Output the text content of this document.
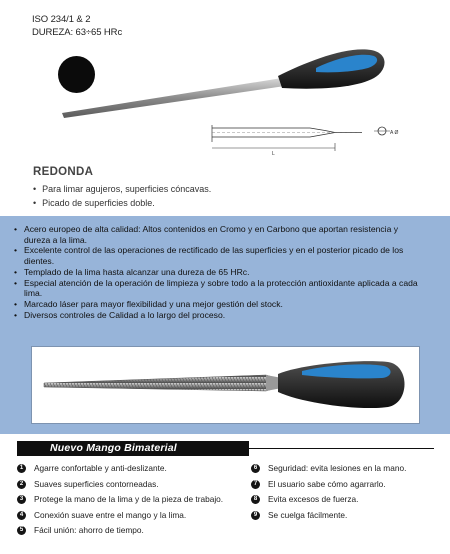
ISO 234/1 & 2
DUREZA: 63÷65 HRc
L
A Ø
REDONDA
• Para limar agujeros, superficies cóncavas.
• Picado de superficies doble.
• Acero europeo de alta calidad: Altos contenidos en Cromo y en Carbono que aportan resistencia y dureza a la lima.
• Excelente control de las operaciones de rectificado de las superficies y en el posterior picado de los dientes.
• Templado de la lima hasta alcanzar una dureza de 65 HRc.
• Especial atención de la operación de limpieza y sobre todo a la protección antioxidante aplicada a cada lima.
• Marcado láser para mayor flexibilidad y una mejor gestión del stock.
• Diversos controles de Calidad a lo largo del proceso.
Nuevo Mango Bimaterial
1	Agarre confortable y anti-deslizante.
2	Suaves superficies contorneadas.
3	Protege la mano de la lima y de la pieza de trabajo.
4	Conexión suave entre el mango y la lima.
5	Fácil unión: ahorro de tiempo.
6	Seguridad: evita lesiones en la mano.
7	El usuario sabe cómo agarrarlo.
8	Evita excesos de fuerza.
9	Se cuelga fácilmente.
